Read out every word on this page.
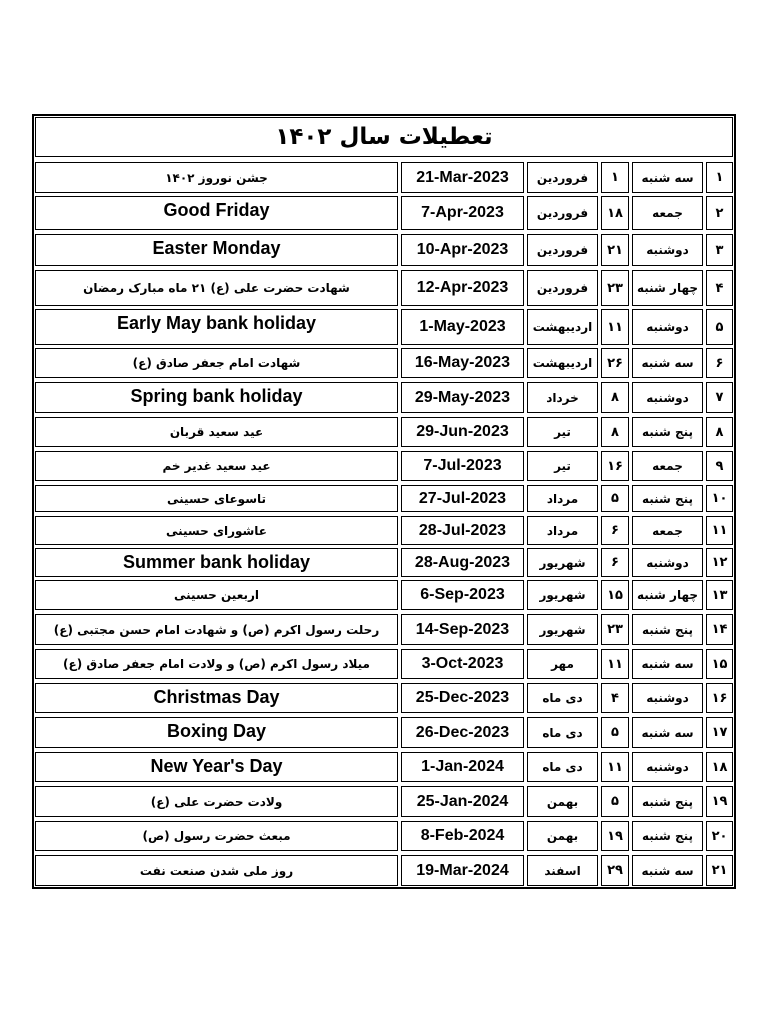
تعطیلات سال ۱۴۰۲
جشن نوروز ۱۴۰۲	21-Mar-2023	فروردین	۱	سه شنبه	۱
Good Friday	7-Apr-2023	فروردین	۱۸	جمعه	۲
Easter Monday	10-Apr-2023	فروردین	۲۱	دوشنبه	۳
شهادت حضرت علی (ع) ۲۱ ماه مبارک رمضان	12-Apr-2023	فروردین	۲۳	چهار شنبه	۴
Early May bank holiday	1-May-2023	اردیبهشت	۱۱	دوشنبه	۵
شهادت امام جعفر صادق (ع)	16-May-2023	اردیبهشت	۲۶	سه شنبه	۶
Spring bank holiday	29-May-2023	خرداد	۸	دوشنبه	۷
عید سعید قربان	29-Jun-2023	تیر	۸	پنج شنبه	۸
عید سعید غدیر خم	7-Jul-2023	تیر	۱۶	جمعه	۹
تاسوعای حسینی	27-Jul-2023	مرداد	۵	پنج شنبه	۱۰
عاشورای حسینی	28-Jul-2023	مرداد	۶	جمعه	۱۱
Summer bank holiday	28-Aug-2023	شهریور	۶	دوشنبه	۱۲
اربعین حسینی	6-Sep-2023	شهریور	۱۵	چهار شنبه	۱۳
رحلت رسول اکرم (ص) و شهادت امام حسن مجتبی (ع)	14-Sep-2023	شهریور	۲۳	پنج شنبه	۱۴
میلاد رسول اکرم (ص) و ولادت امام جعفر صادق (ع)	3-Oct-2023	مهر	۱۱	سه شنبه	۱۵
Christmas Day	25-Dec-2023	دی ماه	۴	دوشنبه	۱۶
Boxing Day	26-Dec-2023	دی ماه	۵	سه شنبه	۱۷
New Year's Day	1-Jan-2024	دی ماه	۱۱	دوشنبه	۱۸
ولادت حضرت علی (ع)	25-Jan-2024	بهمن	۵	پنج شنبه	۱۹
مبعث حضرت رسول (ص)	8-Feb-2024	بهمن	۱۹	پنج شنبه	۲۰
روز ملی شدن صنعت نفت	19-Mar-2024	اسفند	۲۹	سه شنبه	۲۱
